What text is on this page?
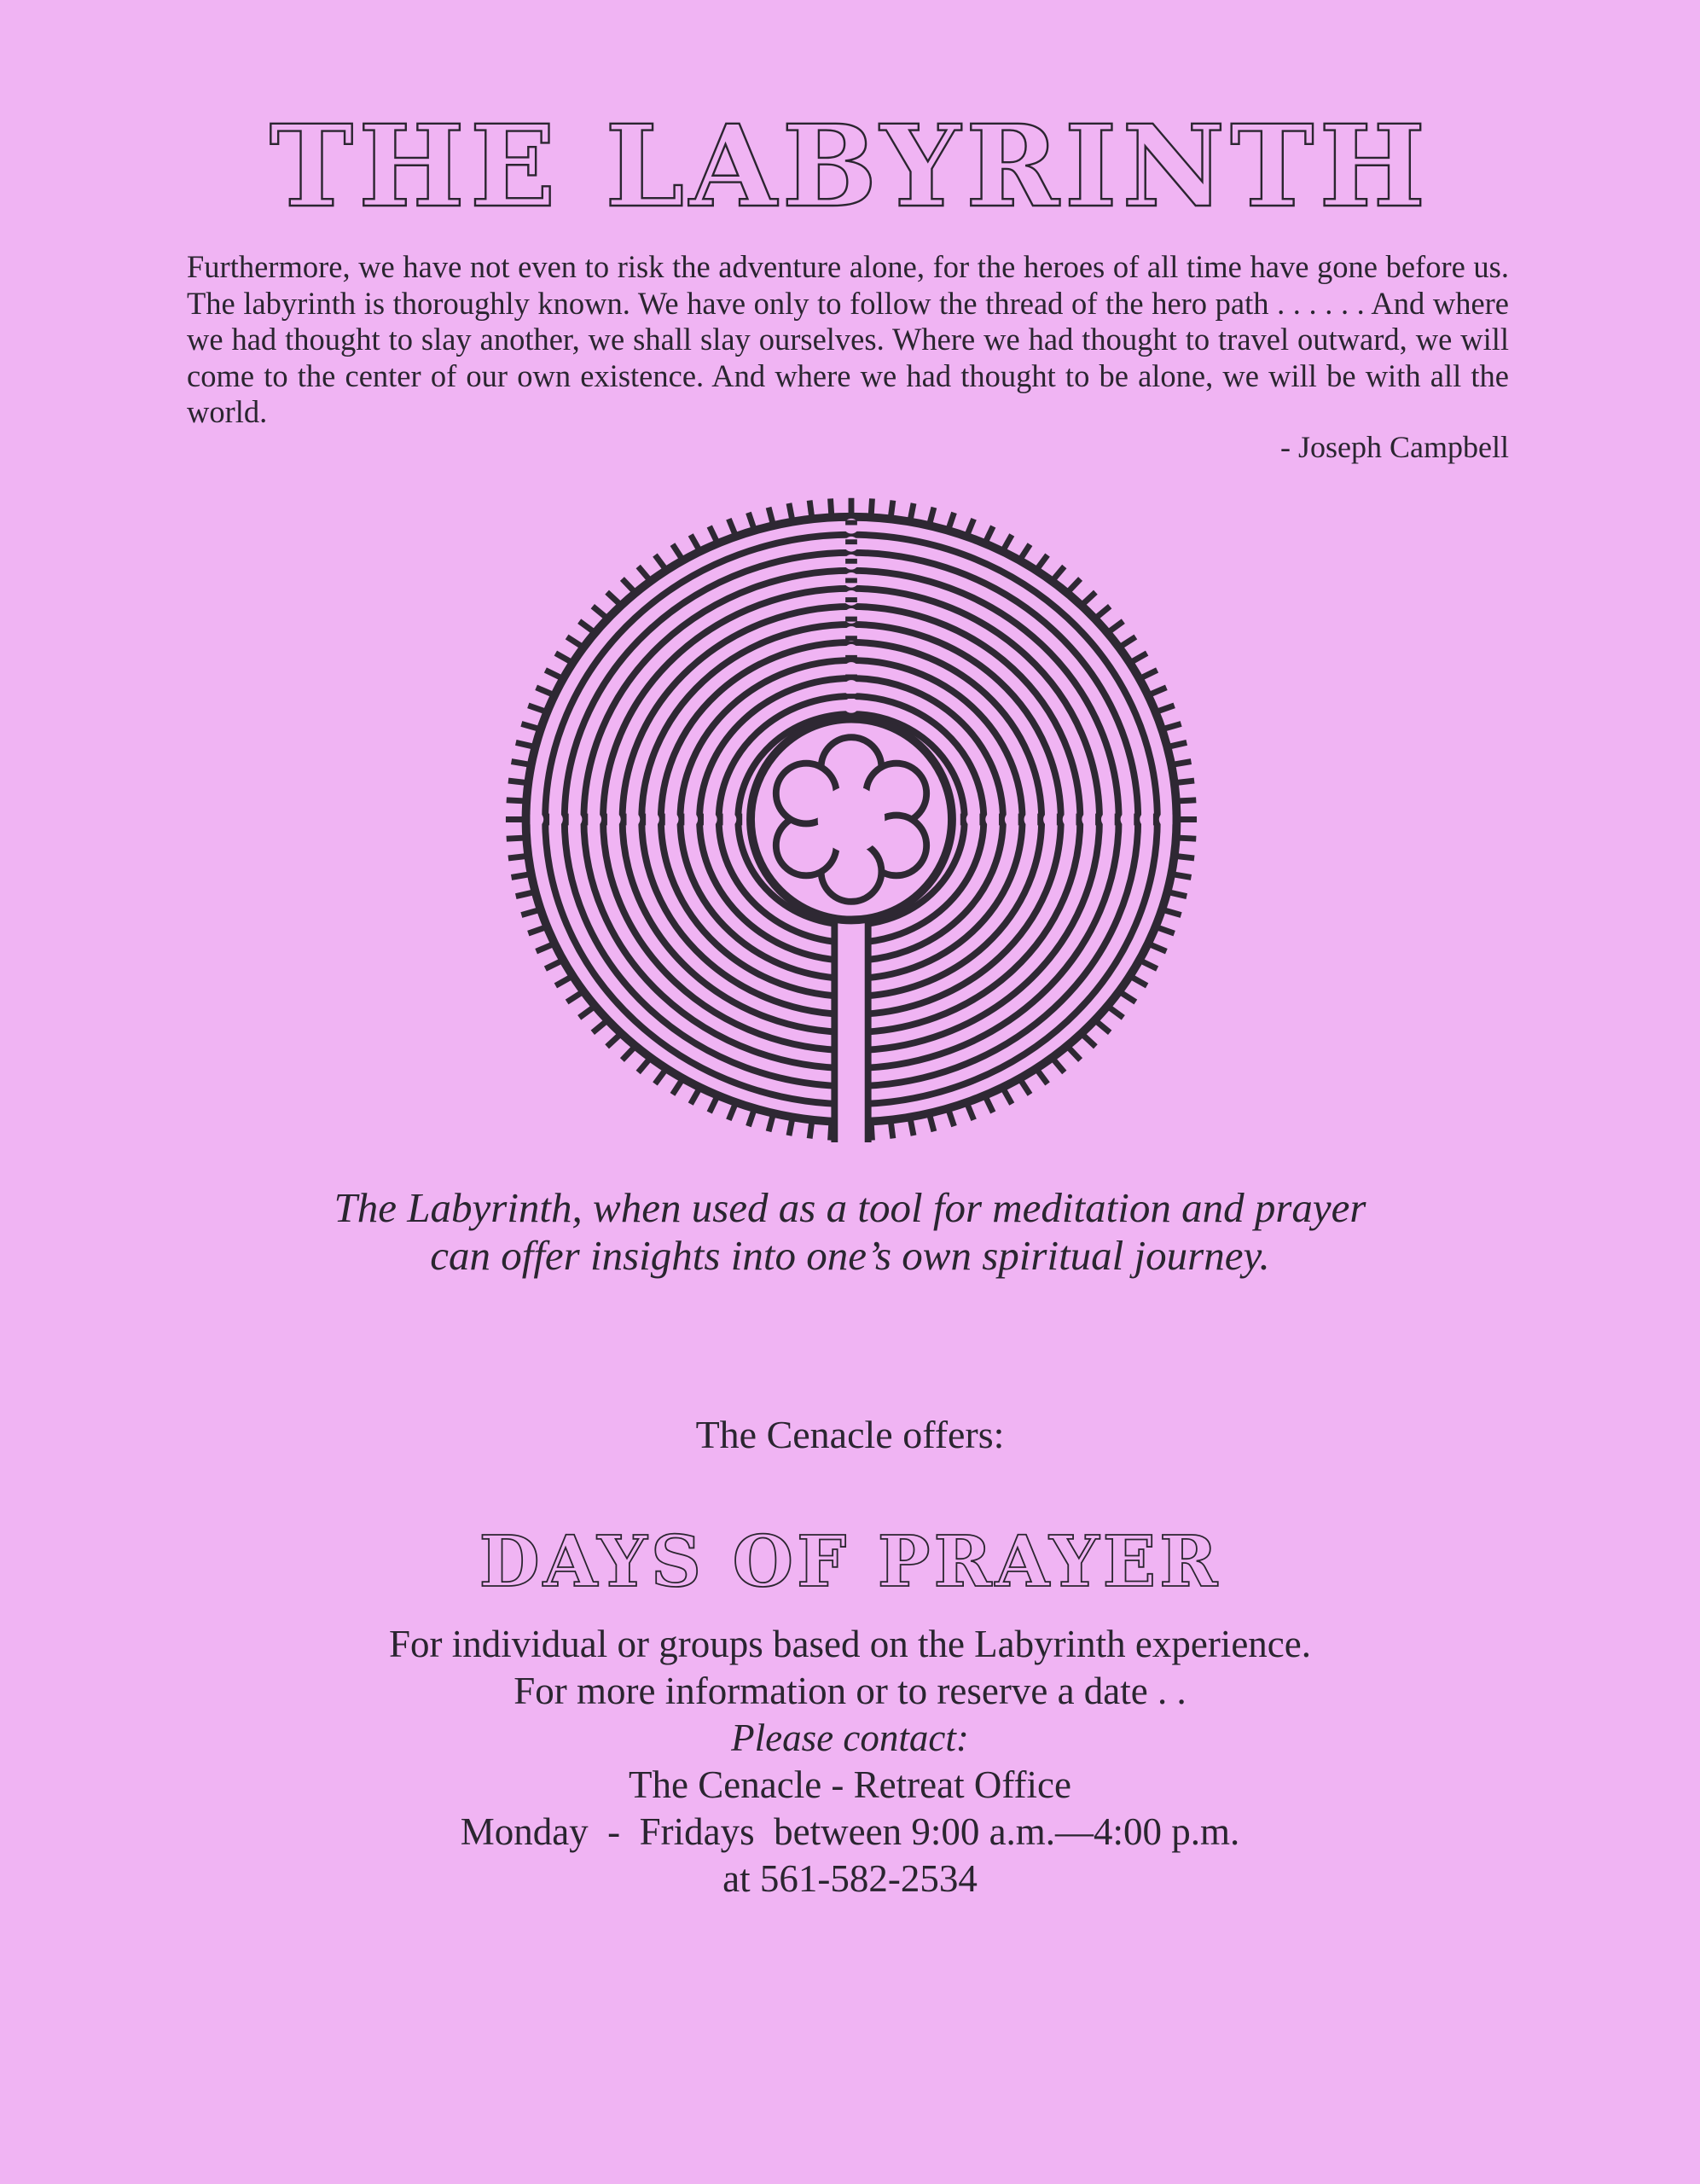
THE LABYRINTH

Furthermore, we have not even to risk the adventure alone, for the heroes of all time have gone before us. The labyrinth is thoroughly known. We have only to follow the thread of the hero path . . . . . . And where we had thought to slay another, we shall slay ourselves. Where we had thought to travel outward, we will come to the center of our own existence. And where we had thought to be alone, we will be with all the world.

- Joseph Campbell

The Labyrinth, when used as a tool for meditation and prayer
can offer insights into one’s own spiritual journey.

The Cenacle offers:

DAYS OF PRAYER
For individual or groups based on the Labyrinth experience.
For more information or to reserve a date . .
Please contact:
The Cenacle - Retreat Office
Monday  -  Fridays  between 9:00 a.m.—4:00 p.m.
at 561-582-2534
